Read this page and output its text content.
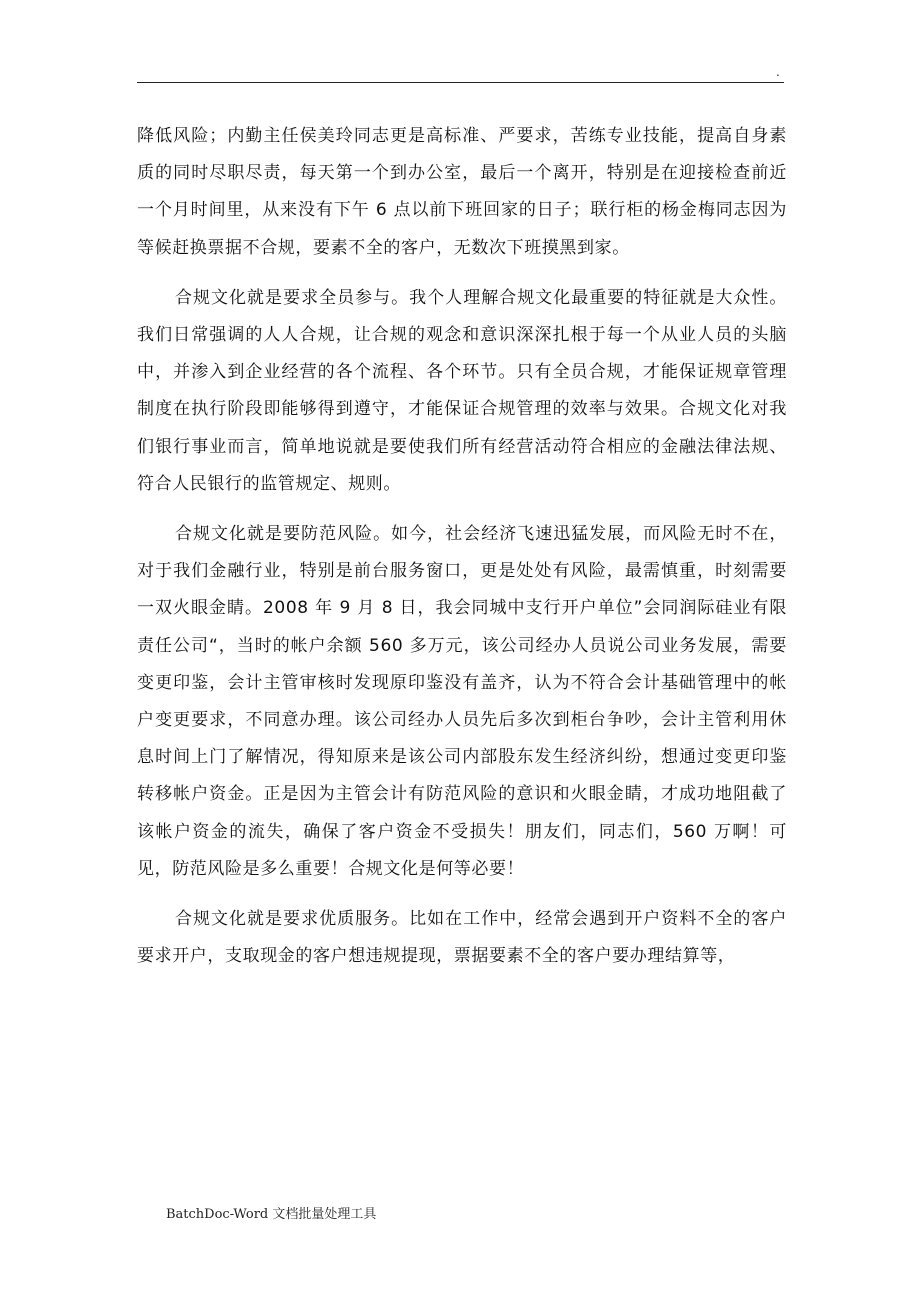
.

降低风险；内勤主任侯美玲同志更是高标准、严要求，苦练专业技能，提高自身素质的同时尽职尽责，每天第一个到办公室，最后一个离开，特别是在迎接检查前近一个月时间里，从来没有下午 6 点以前下班回家的日子；联行柜的杨金梅同志因为等候赶换票据不合规，要素不全的客户，无数次下班摸黑到家。

合规文化就是要求全员参与。我个人理解合规文化最重要的特征就是大众性。我们日常强调的人人合规，让合规的观念和意识深深扎根于每一个从业人员的头脑中，并渗入到企业经营的各个流程、各个环节。只有全员合规，才能保证规章管理制度在执行阶段即能够得到遵守，才能保证合规管理的效率与效果。合规文化对我们银行事业而言，简单地说就是要使我们所有经营活动符合相应的金融法律法规、符合人民银行的监管规定、规则。

合规文化就是要防范风险。如今，社会经济飞速迅猛发展，而风险无时不在，对于我们金融行业，特别是前台服务窗口，更是处处有风险，最需慎重，时刻需要一双火眼金睛。2008 年 9 月 8 日，我会同城中支行开户单位”会同润际硅业有限责任公司“，当时的帐户余额 560 多万元，该公司经办人员说公司业务发展，需要变更印鉴，会计主管审核时发现原印鉴没有盖齐，认为不符合会计基础管理中的帐户变更要求，不同意办理。该公司经办人员先后多次到柜台争吵，会计主管利用休息时间上门了解情况，得知原来是该公司内部股东发生经济纠纷，想通过变更印鉴转移帐户资金。正是因为主管会计有防范风险的意识和火眼金睛，才成功地阻截了该帐户资金的流失，确保了客户资金不受损失！朋友们，同志们，560 万啊！可见，防范风险是多么重要！合规文化是何等必要！

合规文化就是要求优质服务。比如在工作中，经常会遇到开户资料不全的客户要求开户，支取现金的客户想违规提现，票据要素不全的客户要办理结算等，

BatchDoc-Word 文档批量处理工具
